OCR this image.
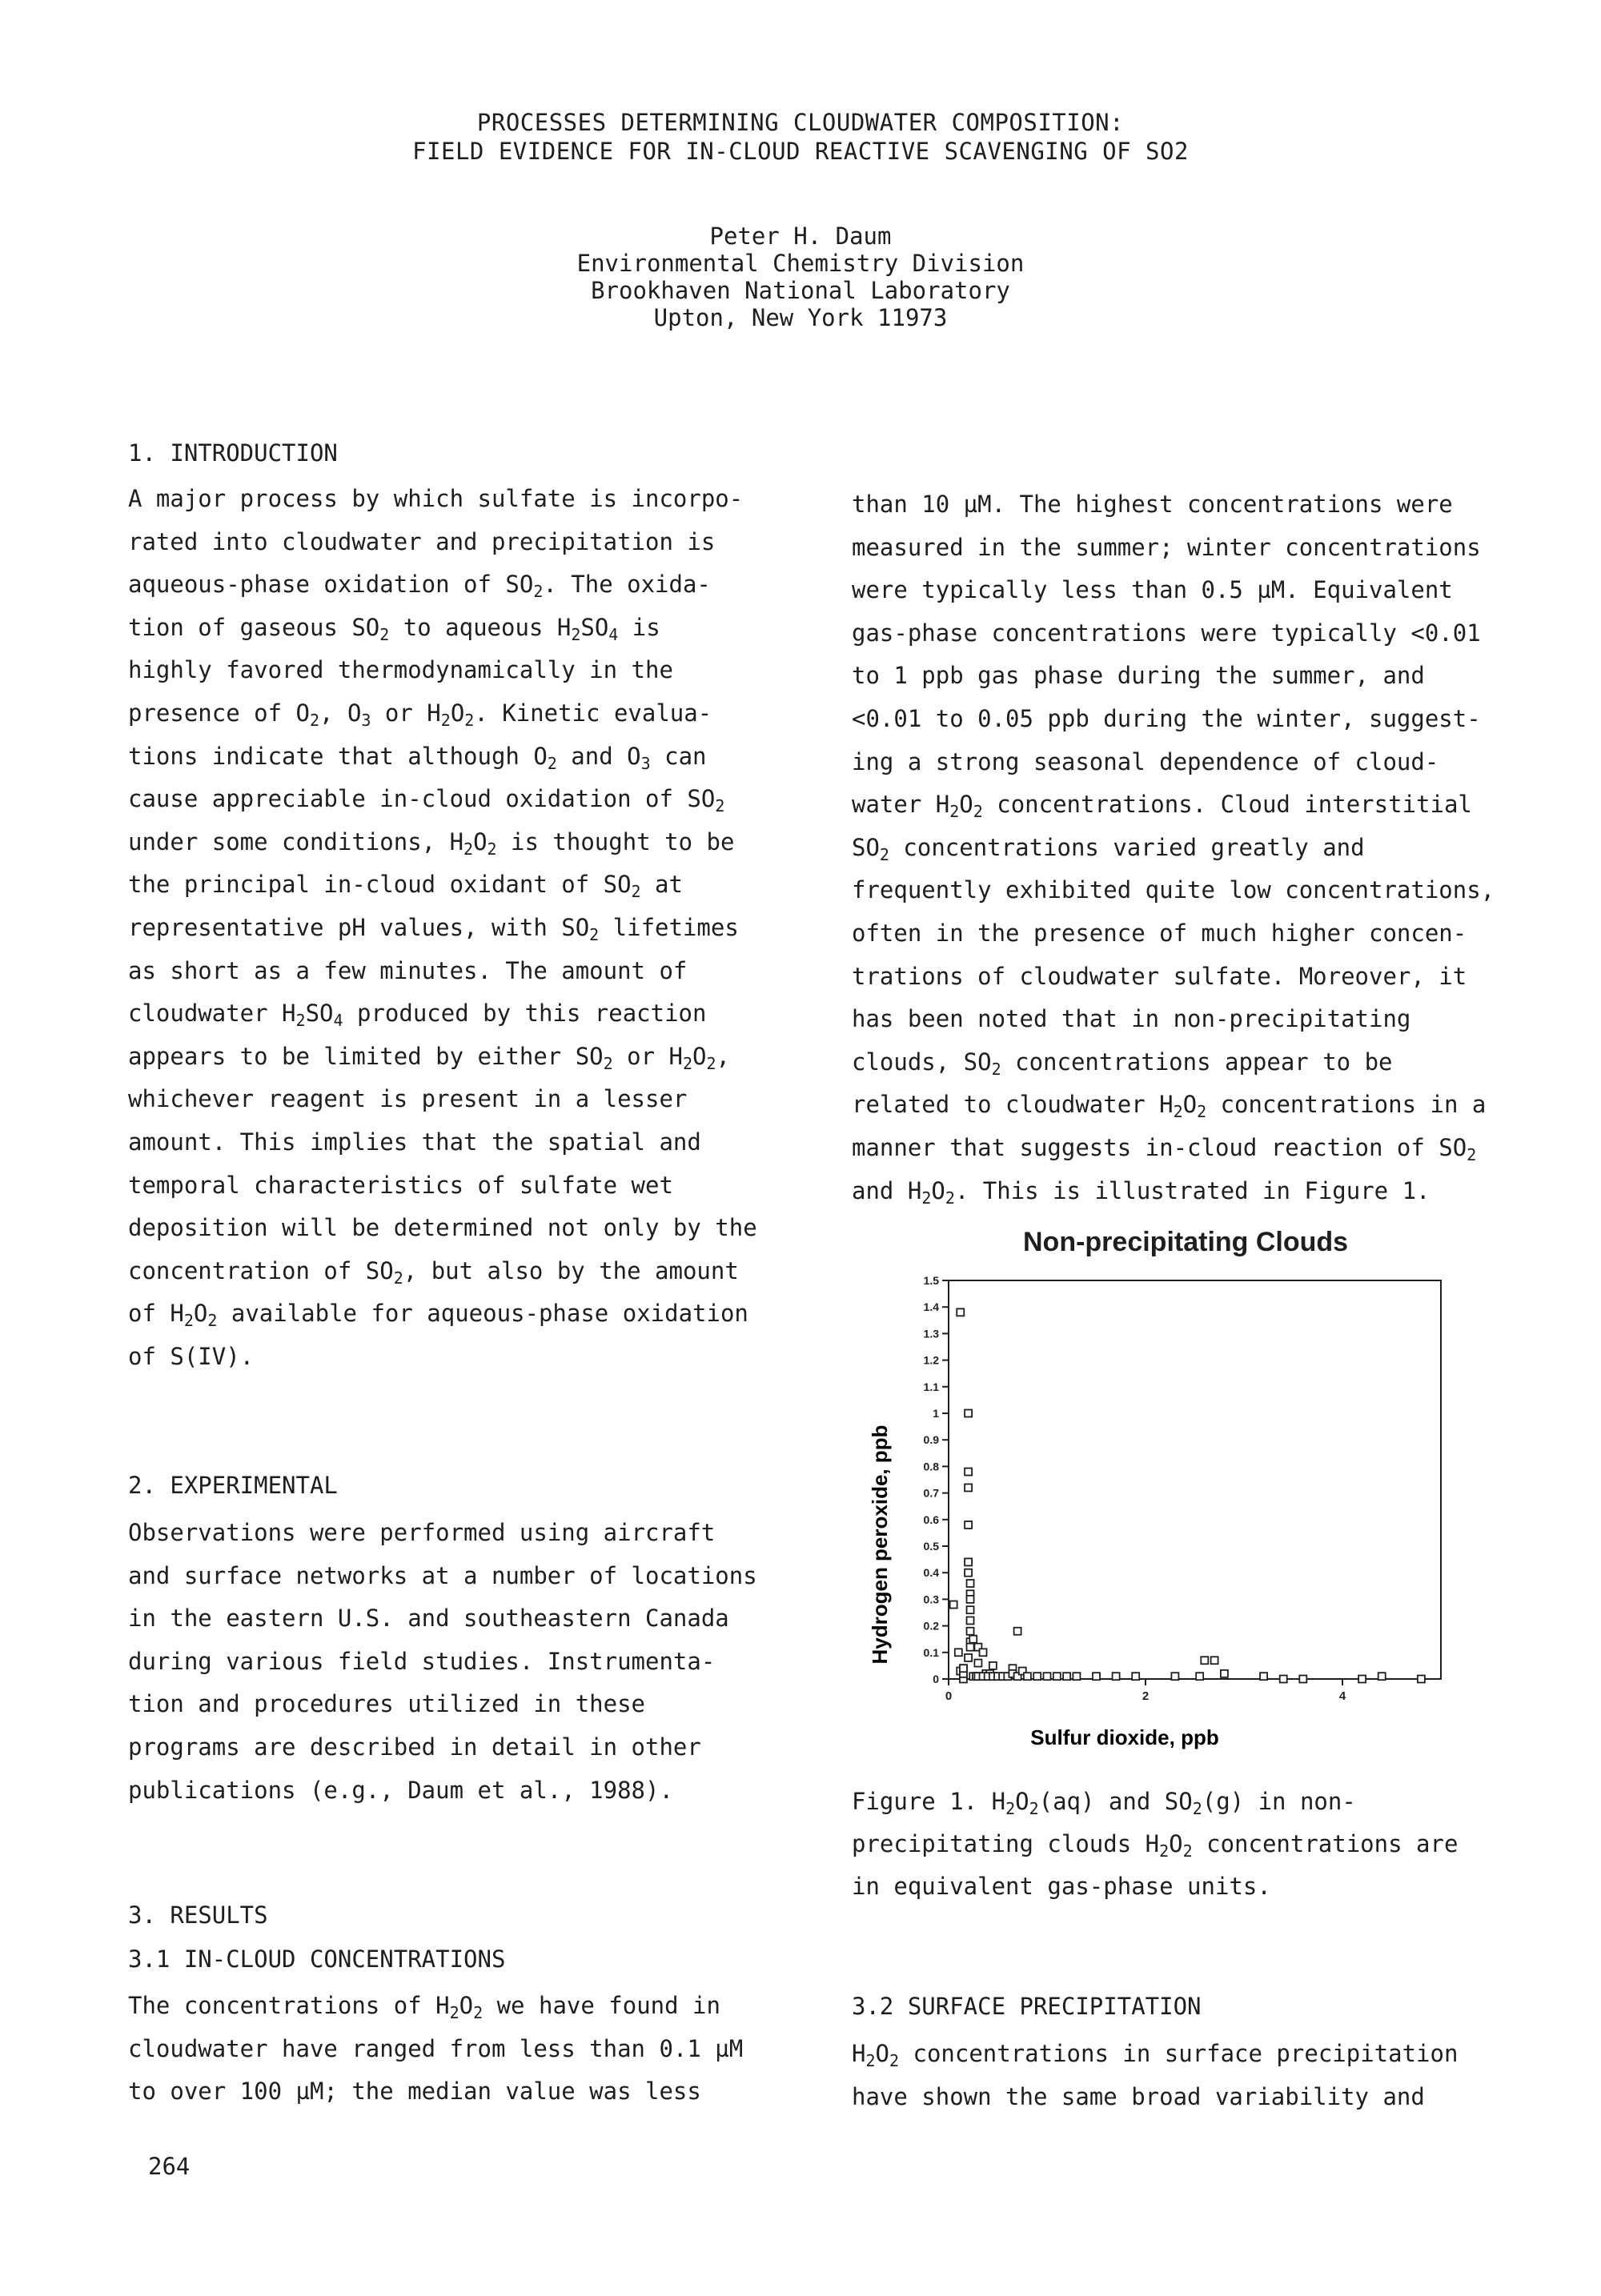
PROCESSES DETERMINING CLOUDWATER COMPOSITION:
FIELD EVIDENCE FOR IN-CLOUD REACTIVE SCAVENGING OF SO2
Peter H. Daum
Environmental Chemistry Division
Brookhaven National Laboratory
Upton, New York 11973
1. INTRODUCTION
A major process by which sulfate is incorpo-
rated into cloudwater and precipitation is
aqueous-phase oxidation of $SO_2$. The oxida-
tion of gaseous $SO_2$ to aqueous $H_2SO_4$ is
highly favored thermodynamically in the
presence of $O_2$, $O_3$ or $H_2O_2$. Kinetic evalua-
tions indicate that although $O_2$ and $O_3$ can
cause appreciable in-cloud oxidation of $SO_2$
under some conditions, $H_2O_2$ is thought to be
the principal in-cloud oxidant of $SO_2$ at
representative pH values, with $SO_2$ lifetimes
as short as a few minutes. The amount of
cloudwater $H_2SO_4$ produced by this reaction
appears to be limited by either $SO_2$ or $H_2O_2$,
whichever reagent is present in a lesser
amount. This implies that the spatial and
temporal characteristics of sulfate wet
deposition will be determined not only by the
concentration of $SO_2$, but also by the amount
of $H_2O_2$ available for aqueous-phase oxidation
of S(IV).
2. EXPERIMENTAL
Observations were performed using aircraft
and surface networks at a number of locations
in the eastern U.S. and southeastern Canada
during various field studies. Instrumenta-
tion and procedures utilized in these
programs are described in detail in other
publications (e.g., Daum et al., 1988).
3. RESULTS
3.1 IN-CLOUD CONCENTRATIONS
The concentrations of $H_2O_2$ we have found in
cloudwater have ranged from less than 0.1 µM
to over 100 µM; the median value was less
than 10 µM. The highest concentrations were
measured in the summer; winter concentrations
were typically less than 0.5 µM. Equivalent
gas-phase concentrations were typically <0.01
to 1 ppb gas phase during the summer, and
<0.01 to 0.05 ppb during the winter, suggest-
ing a strong seasonal dependence of cloud-
water $H_2O_2$ concentrations. Cloud interstitial
$SO_2$ concentrations varied greatly and
frequently exhibited quite low concentrations,
often in the presence of much higher concen-
trations of cloudwater sulfate. Moreover, it
has been noted that in non-precipitating
clouds, $SO_2$ concentrations appear to be
related to cloudwater $H_2O_2$ concentrations in a
manner that suggests in-cloud reaction of $SO_2$
and $H_2O_2$. This is illustrated in Figure 1.
Non-precipitating Clouds
0
0.1
0.2
0.3
0.4
0.5
0.6
0.7
0.8
0.9
1
1.1
1.2
1.3
1.4
1.5
0	2	4
Hydrogen peroxide, ppb
Sulfur dioxide, ppb
Figure 1. $H_2O_2(aq)$ and $SO_2(g)$ in non-
precipitating clouds $H_2O_2$ concentrations are
in equivalent gas-phase units.
3.2 SURFACE PRECIPITATION
$H_2O_2$ concentrations in surface precipitation
have shown the same broad variability and
264
